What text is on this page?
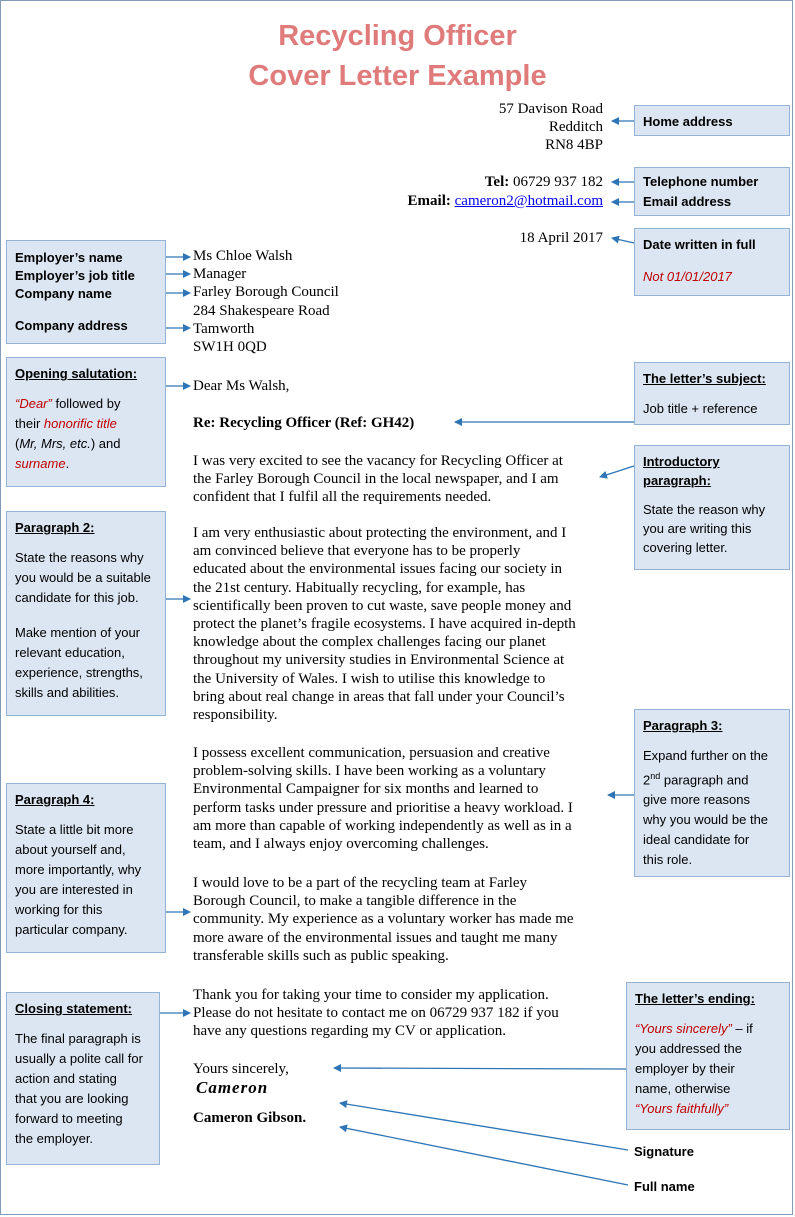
Recycling Officer
Cover Letter Example
57 Davison Road
Redditch
RN8 4BP
Tel: 06729 937 182
Email: cameron2@hotmail.com
18 April 2017
Ms Chloe Walsh
Manager
Farley Borough Council
284 Shakespeare Road
Tamworth
SW1H 0QD
Dear Ms Walsh,
Re: Recycling Officer (Ref: GH42)
I was very excited to see the vacancy for Recycling Officer at
the Farley Borough Council in the local newspaper, and I am
confident that I fulfil all the requirements needed.
I am very enthusiastic about protecting the environment, and I
am convinced believe that everyone has to be properly
educated about the environmental issues facing our society in
the 21st century. Habitually recycling, for example, has
scientifically been proven to cut waste, save people money and
protect the planet’s fragile ecosystems. I have acquired in-depth
knowledge about the complex challenges facing our planet
throughout my university studies in Environmental Science at
the University of Wales. I wish to utilise this knowledge to
bring about real change in areas that fall under your Council’s
responsibility.
I possess excellent communication, persuasion and creative
problem-solving skills. I have been working as a voluntary
Environmental Campaigner for six months and learned to
perform tasks under pressure and prioritise a heavy workload. I
am more than capable of working independently as well as in a
team, and I always enjoy overcoming challenges.
I would love to be a part of the recycling team at Farley
Borough Council, to make a tangible difference in the
community. My experience as a voluntary worker has made me
more aware of the environmental issues and taught me many
transferable skills such as public speaking.
Thank you for taking your time to consider my application.
Please do not hesitate to contact me on 06729 937 182 if you
have any questions regarding my CV or application.
Yours sincerely,
Cameron
Cameron Gibson.
Home address
Telephone number
Email address
Date written in full
Not 01/01/2017
The letter’s subject:
Job title + reference
Introductory
paragraph:
State the reason why
you are writing this
covering letter.
Paragraph 3:
Expand further on the
2nd paragraph and
give more reasons
why you would be the
ideal candidate for
this role.
The letter’s ending:
“Yours sincerely” – if
you addressed the
employer by their
name, otherwise
“Yours faithfully”
Signature
Full name
Employer’s name
Employer’s job title
Company name
Company address
Opening salutation:
“Dear” followed by
their honorific title
(Mr, Mrs, etc.) and
surname.
Paragraph 2:
State the reasons why
you would be a suitable
candidate for this job.
Make mention of your
relevant education,
experience, strengths,
skills and abilities.
Paragraph 4:
State a little bit more
about yourself and,
more importantly, why
you are interested in
working for this
particular company.
Closing statement:
The final paragraph is
usually a polite call for
action and stating
that you are looking
forward to meeting
the employer.
